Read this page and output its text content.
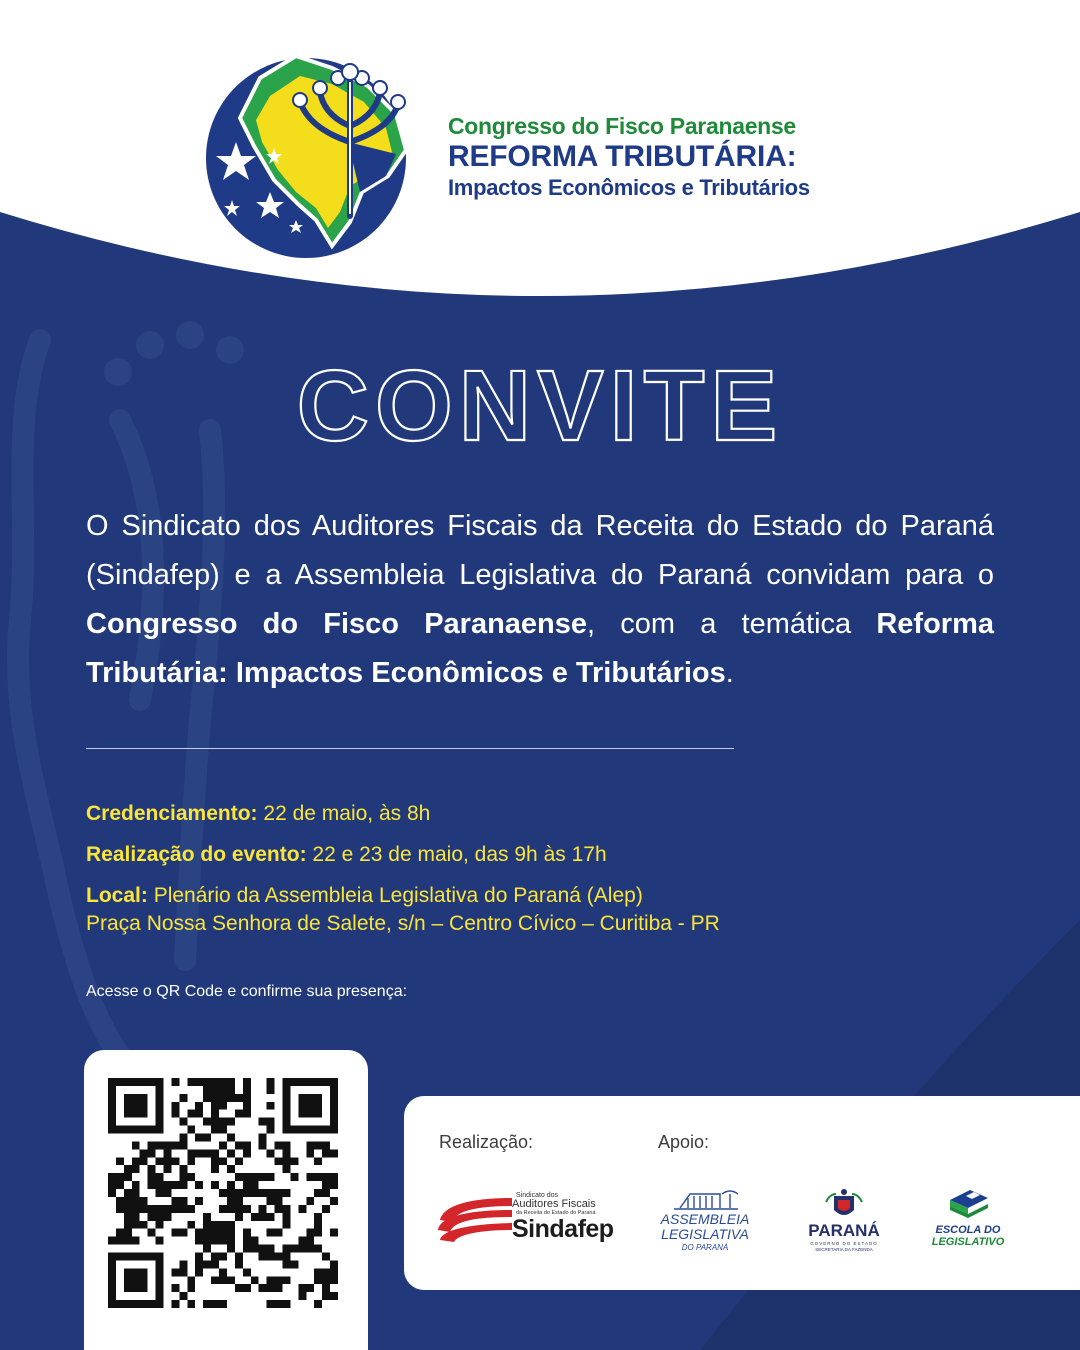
Congresso do Fisco Paranaense
REFORMA TRIBUTÁRIA:
Impactos Econômicos e Tributários
CONVITE
O Sindicato dos Auditores Fiscais da Receita do Estado do Paraná (Sindafep) e a Assembleia Legislativa do Paraná convidam para o Congresso do Fisco Paranaense, com a temática Reforma Tributária: Impactos Econômicos e Tributários.
Credenciamento: 22 de maio, às 8h
Realização do evento: 22 e 23 de maio, das 9h às 17h
Local: Plenário da Assembleia Legislativa do Paraná (Alep)
Praça Nossa Senhora de Salete, s/n – Centro Cívico – Curitiba - PR
Acesse o QR Code e confirme sua presença:
Realização:	Apoio:
Sindicato dos
Auditores Fiscais
da Receita do Estado do Paraná
Sindafep	ASSEMBLEIA
LEGISLATIVA
DO PARANÁ
PARANÁ
GOVERNO DO ESTADO
SECRETARIA DA FAZENDA
ESCOLA DO
LEGISLATIVO
